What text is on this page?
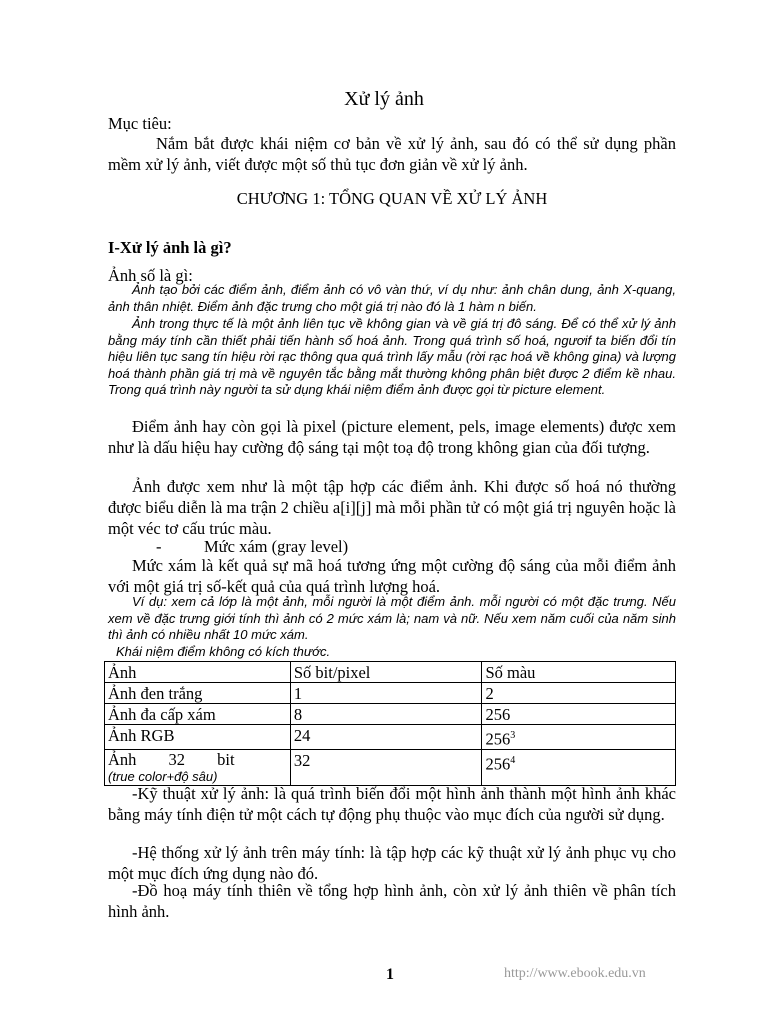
Xử lý ảnh
Mục tiêu:
Nắm bắt được khái niệm cơ bản về xử lý ảnh, sau đó có thể sử dụng phần mềm xử lý ảnh, viết được một số thủ tục đơn giản về xử lý ảnh.
CHƯƠNG 1: TỔNG QUAN VỀ XỬ LÝ ẢNH
I-Xử lý ảnh là gì?
Ảnh số là gì:
Ảnh tạo bởi các điểm ảnh, điểm ảnh có vô vàn thứ, ví dụ như: ảnh chân dung, ảnh X-quang, ảnh thân nhiệt. Điểm ảnh đặc trưng cho một giá trị nào đó là 1 hàm n biến.
Ảnh trong thực tế là một ảnh liên tục về không gian và về giá trị đô sáng. Để có thể xử lý ảnh bằng máy tính cần thiết phải tiến hành số hoá ảnh. Trong quá trình số hoá, ngươif ta biến đổi tín hiệu liên tục sang tín hiệu rời rạc thông qua quá trình lấy mẫu (rời rạc hoá về không gina) và lượng hoá thành phần giá trị mà về nguyên tắc bằng mắt thường không phân biệt được 2 điểm kề nhau. Trong quá trình này người ta sử dụng khái niệm điểm ảnh được gọi từ picture element.
Điểm ảnh hay còn gọi là pixel (picture element, pels, image elements) được xem như là dấu hiệu hay cường độ sáng tại một toạ độ trong không gian của đối tượng.
Ảnh được xem như là một tập hợp các điểm ảnh. Khi được số hoá nó thường được biểu diễn là ma trận 2 chiều a[i][j] mà mỗi phần tử có một giá trị nguyên hoặc là một véc tơ cấu trúc màu.
-	Mức xám (gray level)
Mức xám là kết quả sự mã hoá tương ứng một cường độ sáng của mỗi điểm ảnh với một giá trị số-kết quả của quá trình lượng hoá.
Ví dụ: xem cả lớp là một ảnh, mỗi người là một điểm ảnh. mỗi người có một đặc trưng. Nếu xem về đặc trưng giới tính thì ảnh có 2 mức xám là; nam và nữ. Nếu xem năm cuối của năm sinh thì ảnh có nhiều nhất 10 mức xám.
Khái niệm điểm không có kích thước.
Ảnh	Số bit/pixel	Số màu
Ảnh đen trắng	1	2
Ảnh đa cấp xám	8	256
Ảnh RGB	24	$256^3$

Ảnh 32 bit
(true color+độ sâu)	32	$256^4$
-Kỹ thuật xử lý ảnh: là quá trình biến đổi một hình ảnh thành một hình ảnh khác bằng máy tính điện tử một cách tự động phụ thuộc vào mục đích của người sử dụng.
-Hệ thống xử lý ảnh trên máy tính: là tập hợp các kỹ thuật xử lý ảnh phục vụ cho một mục đích ứng dụng nào đó.
-Đồ hoạ máy tính thiên về tổng hợp hình ảnh, còn xử lý ảnh thiên về phân tích hình ảnh.
1	http://www.ebook.edu.vn
